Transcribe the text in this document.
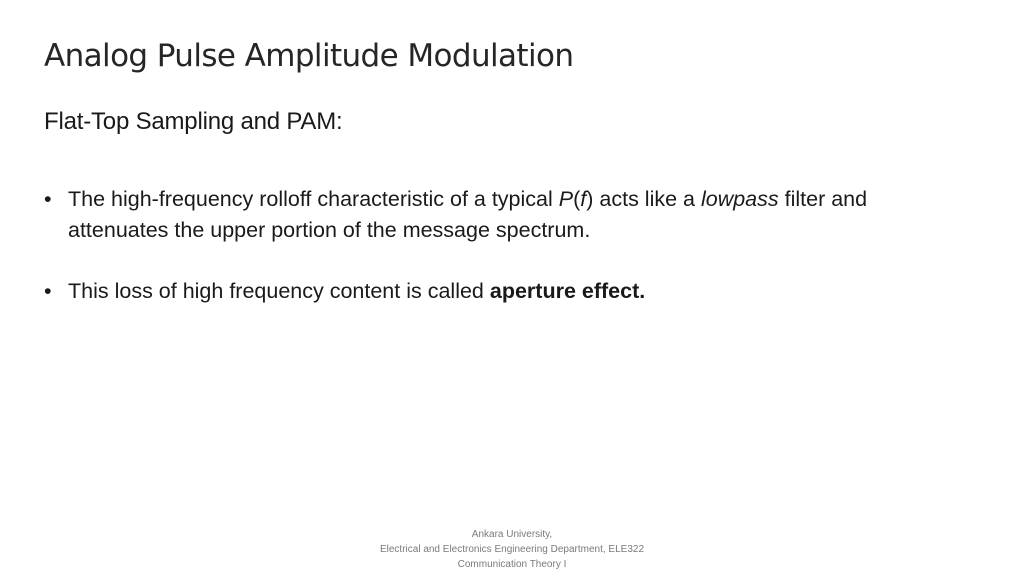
Analog Pulse Amplitude Modulation
Flat-Top Sampling and PAM:
• The high-frequency rolloff characteristic of a typical P(f) acts like a lowpass filter and attenuates the upper portion of the message spectrum.
• This loss of high frequency content is called aperture effect.
Ankara University,
Electrical and Electronics Engineering Department, ELE322
Communication Theory I
